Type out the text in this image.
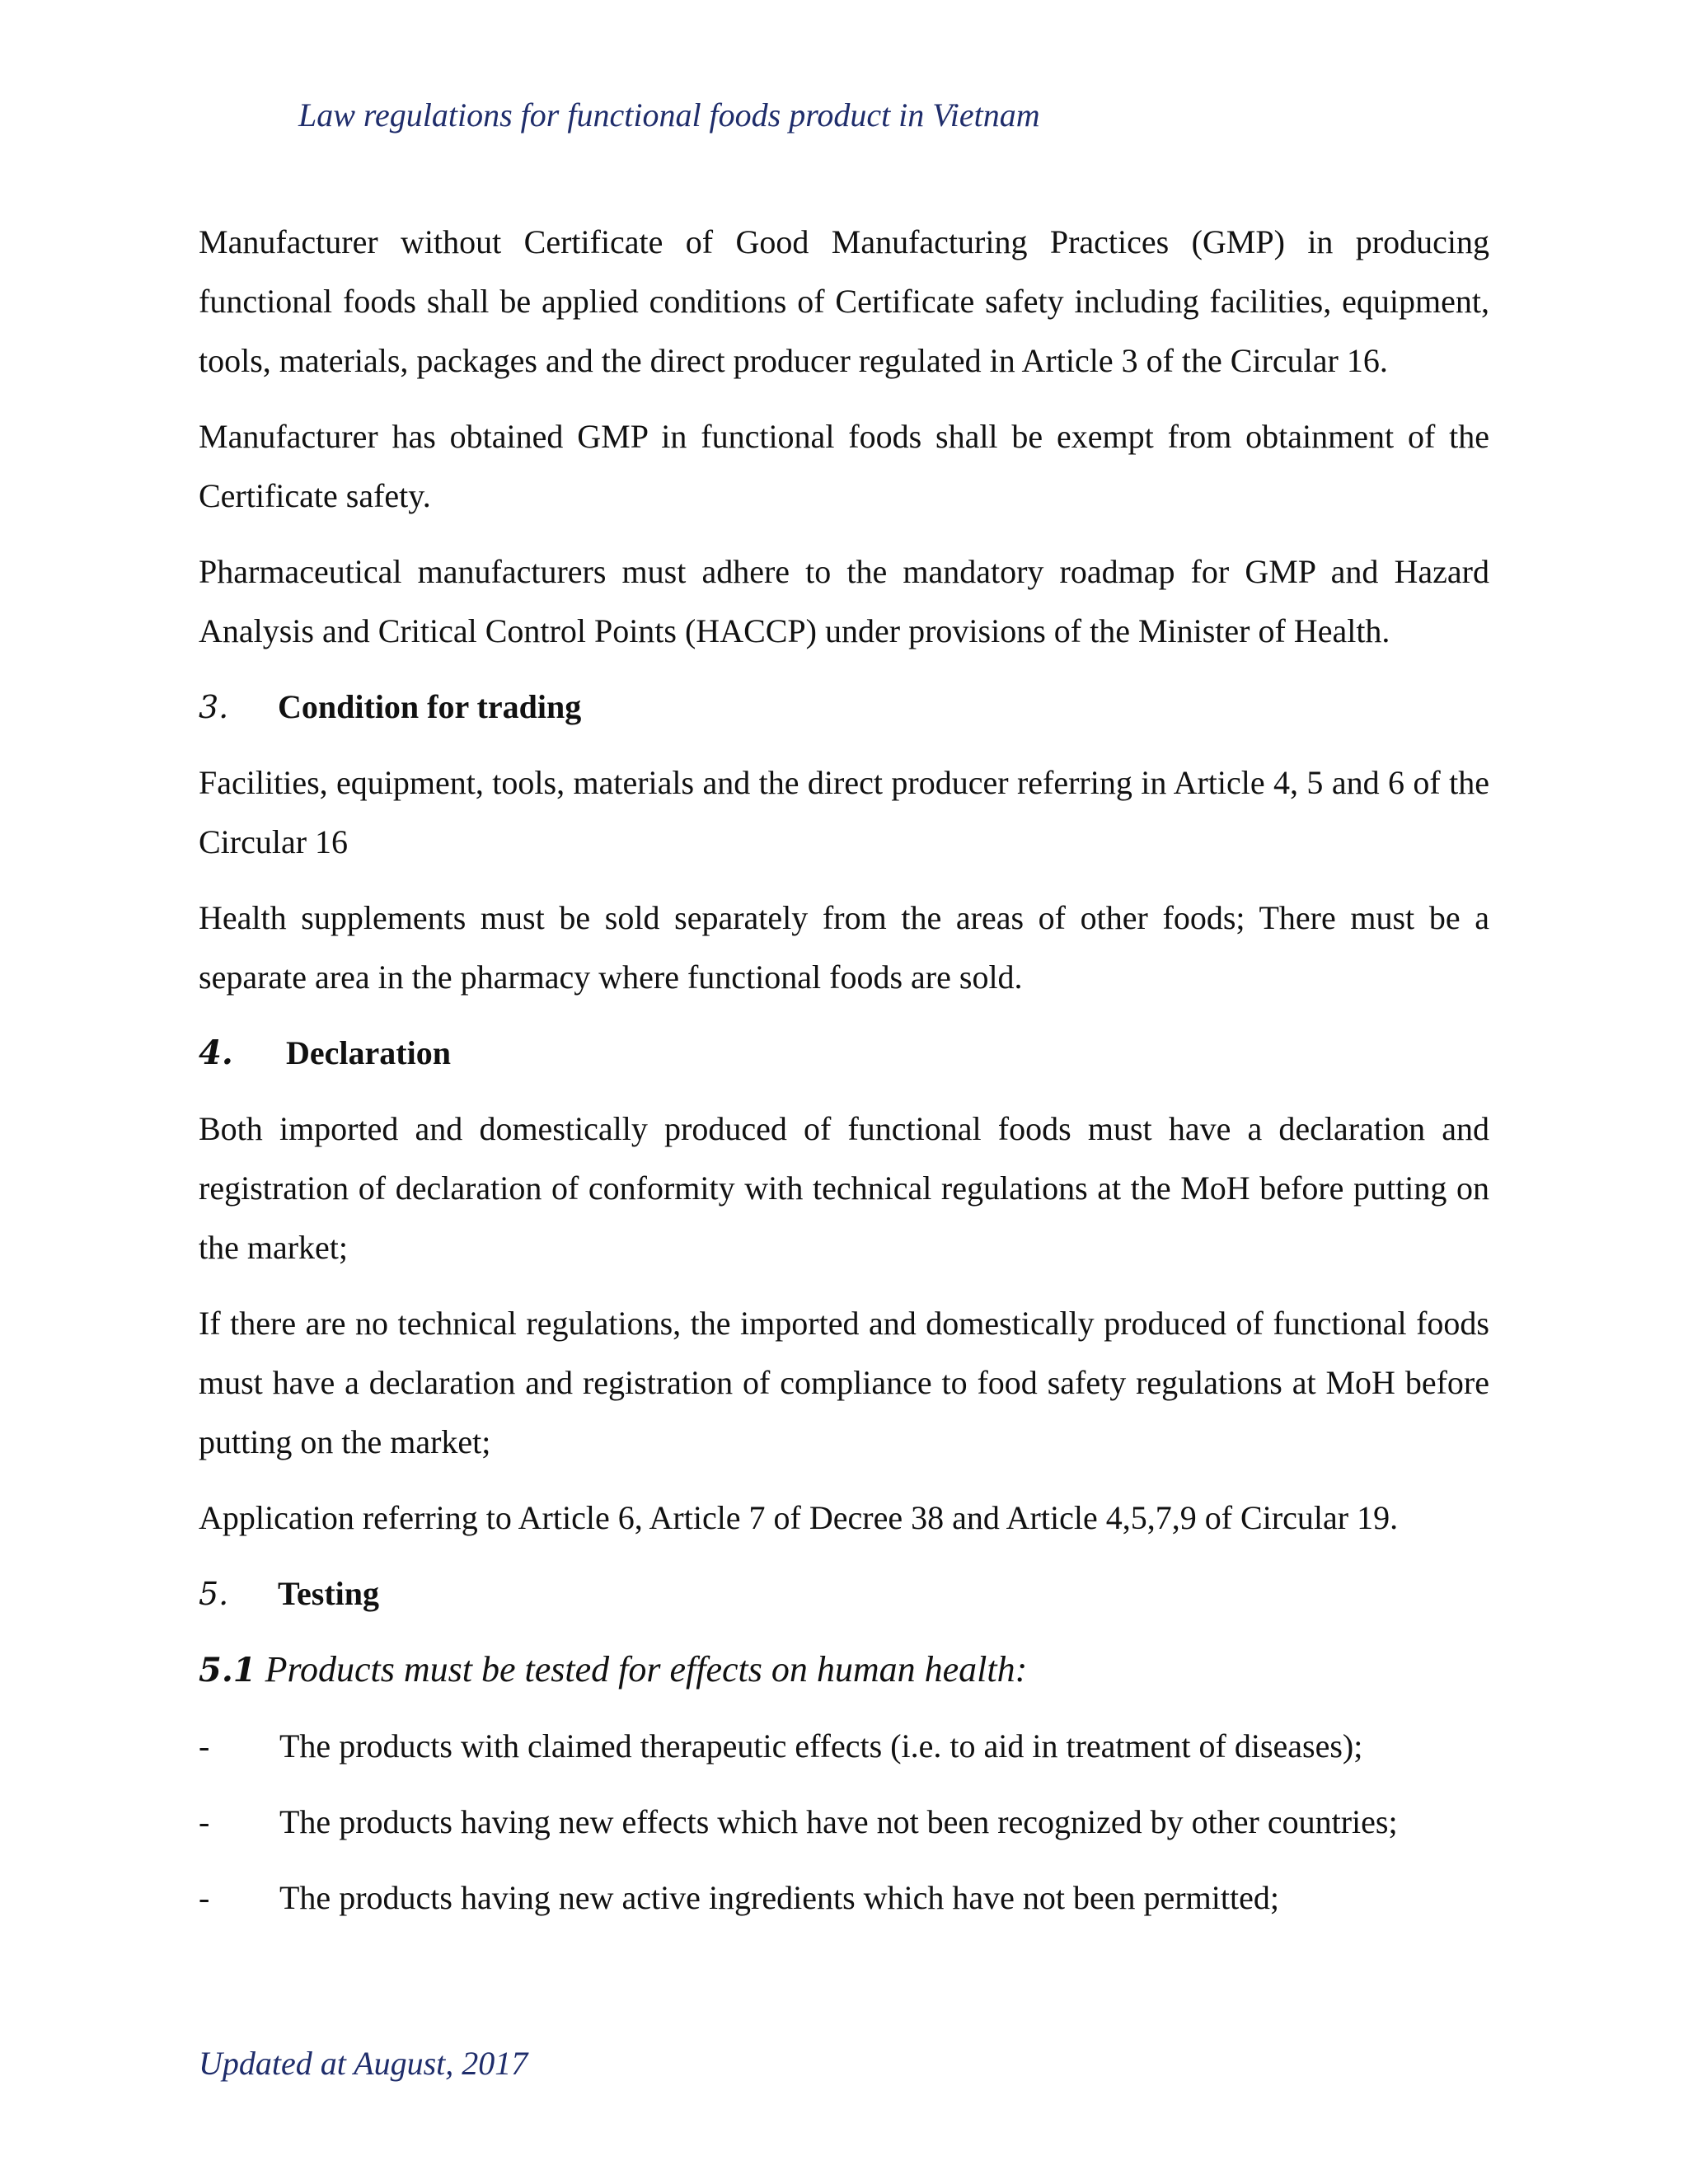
Law regulations for functional foods product in Vietnam

Manufacturer without Certificate of Good Manufacturing Practices (GMP) in producing functional foods shall be applied conditions of Certificate safety including facilities, equipment, tools, materials, packages and the direct producer regulated in Article 3 of the Circular 16.

Manufacturer has obtained GMP in functional foods shall be exempt from obtainment of the Certificate safety.

Pharmaceutical manufacturers must adhere to the mandatory roadmap for GMP and Hazard Analysis and Critical Control Points (HACCP) under provisions of the Minister of Health.

3.	Condition for trading

Facilities, equipment, tools, materials and the direct producer referring in Article 4, 5 and 6 of the Circular 16

Health supplements must be sold separately from the areas of other foods; There must be a separate area in the pharmacy where functional foods are sold.

4.	Declaration

Both imported and domestically produced of functional foods must have a declaration and registration of declaration of conformity with technical regulations at the MoH before putting on the market;

If there are no technical regulations, the imported and domestically produced of functional foods must have a declaration and registration of compliance to food safety regulations at MoH before putting on the market;

Application referring to Article 6, Article 7 of Decree 38 and Article 4,5,7,9 of Circular 19.

5.	Testing
5.1 Products must be tested for effects on human health:
-	The products with claimed therapeutic effects (i.e. to aid in treatment of diseases);
-	The products having new effects which have not been recognized by other countries;
-	The products having new active ingredients which have not been permitted;
Updated at August, 2017
